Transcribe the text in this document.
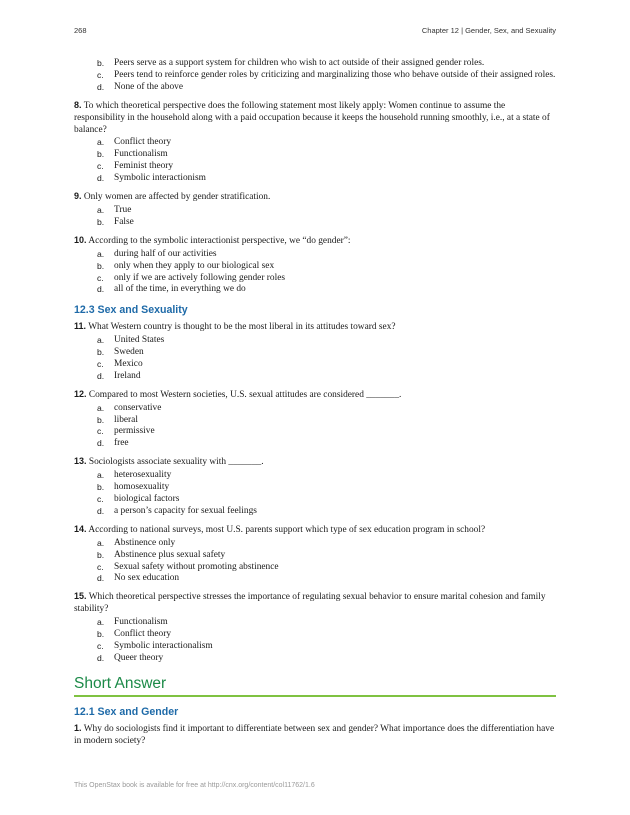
268	Chapter 12 | Gender, Sex, and Sexuality
b. Peers serve as a support system for children who wish to act outside of their assigned gender roles.
c. Peers tend to reinforce gender roles by criticizing and marginalizing those who behave outside of their assigned roles.
d. None of the above
8. To which theoretical perspective does the following statement most likely apply: Women continue to assume the responsibility in the household along with a paid occupation because it keeps the household running smoothly, i.e., at a state of balance?
a. Conflict theory
b. Functionalism
c. Feminist theory
d. Symbolic interactionism
9. Only women are affected by gender stratification.
a. True
b. False
10. According to the symbolic interactionist perspective, we “do gender”:
a. during half of our activities
b. only when they apply to our biological sex
c. only if we are actively following gender roles
d. all of the time, in everything we do
12.3 Sex and Sexuality
11. What Western country is thought to be the most liberal in its attitudes toward sex?
a. United States
b. Sweden
c. Mexico
d. Ireland
12. Compared to most Western societies, U.S. sexual attitudes are considered _______.
a. conservative
b. liberal
c. permissive
d. free
13. Sociologists associate sexuality with _______.
a. heterosexuality
b. homosexuality
c. biological factors
d. a person’s capacity for sexual feelings
14. According to national surveys, most U.S. parents support which type of sex education program in school?
a. Abstinence only
b. Abstinence plus sexual safety
c. Sexual safety without promoting abstinence
d. No sex education
15. Which theoretical perspective stresses the importance of regulating sexual behavior to ensure marital cohesion and family stability?
a. Functionalism
b. Conflict theory
c. Symbolic interactionalism
d. Queer theory
Short Answer
12.1 Sex and Gender
1. Why do sociologists find it important to differentiate between sex and gender? What importance does the differentiation have in modern society?
This OpenStax book is available for free at http://cnx.org/content/col11762/1.6
